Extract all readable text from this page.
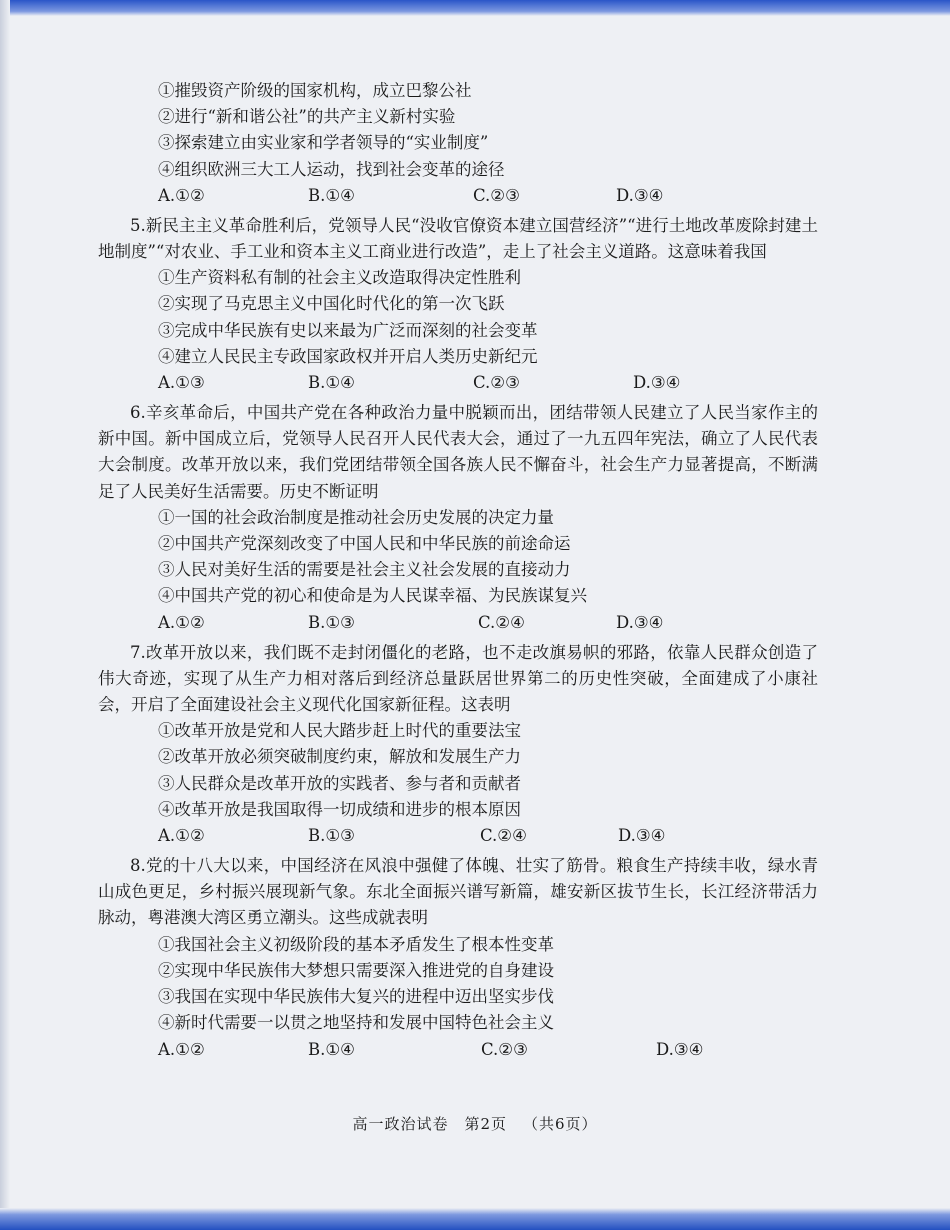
①摧毁资产阶级的国家机构，成立巴黎公社
②进行“新和谐公社”的共产主义新村实验
③探索建立由实业家和学者领导的“实业制度”
④组织欧洲三大工人运动，找到社会变革的途径
A.①②	B.①④	C.②③	D.③④
5.新民主主义革命胜利后，党领导人民“没收官僚资本建立国营经济”“进行土地改革废除封建土地制度”“对农业、手工业和资本主义工商业进行改造”，走上了社会主义道路。这意味着我国
①生产资料私有制的社会主义改造取得决定性胜利
②实现了马克思主义中国化时代化的第一次飞跃
③完成中华民族有史以来最为广泛而深刻的社会变革
④建立人民民主专政国家政权并开启人类历史新纪元
A.①③	B.①④	C.②③	D.③④
6.辛亥革命后，中国共产党在各种政治力量中脱颖而出，团结带领人民建立了人民当家作主的新中国。新中国成立后，党领导人民召开人民代表大会，通过了一九五四年宪法，确立了人民代表大会制度。改革开放以来，我们党团结带领全国各族人民不懈奋斗，社会生产力显著提高，不断满足了人民美好生活需要。历史不断证明
①一国的社会政治制度是推动社会历史发展的决定力量
②中国共产党深刻改变了中国人民和中华民族的前途命运
③人民对美好生活的需要是社会主义社会发展的直接动力
④中国共产党的初心和使命是为人民谋幸福、为民族谋复兴
A.①②	B.①③	C.②④	D.③④
7.改革开放以来，我们既不走封闭僵化的老路，也不走改旗易帜的邪路，依靠人民群众创造了伟大奇迹，实现了从生产力相对落后到经济总量跃居世界第二的历史性突破，全面建成了小康社会，开启了全面建设社会主义现代化国家新征程。这表明
①改革开放是党和人民大踏步赶上时代的重要法宝
②改革开放必须突破制度约束，解放和发展生产力
③人民群众是改革开放的实践者、参与者和贡献者
④改革开放是我国取得一切成绩和进步的根本原因
A.①②	B.①③	C.②④	D.③④
8.党的十八大以来，中国经济在风浪中强健了体魄、壮实了筋骨。粮食生产持续丰收，绿水青山成色更足，乡村振兴展现新气象。东北全面振兴谱写新篇，雄安新区拔节生长，长江经济带活力脉动，粤港澳大湾区勇立潮头。这些成就表明
①我国社会主义初级阶段的基本矛盾发生了根本性变革
②实现中华民族伟大梦想只需要深入推进党的自身建设
③我国在实现中华民族伟大复兴的进程中迈出坚实步伐
④新时代需要一以贯之地坚持和发展中国特色社会主义
A.①②	B.①④	C.②③	D.③④
高一政治试卷 第2页 （共6页）
